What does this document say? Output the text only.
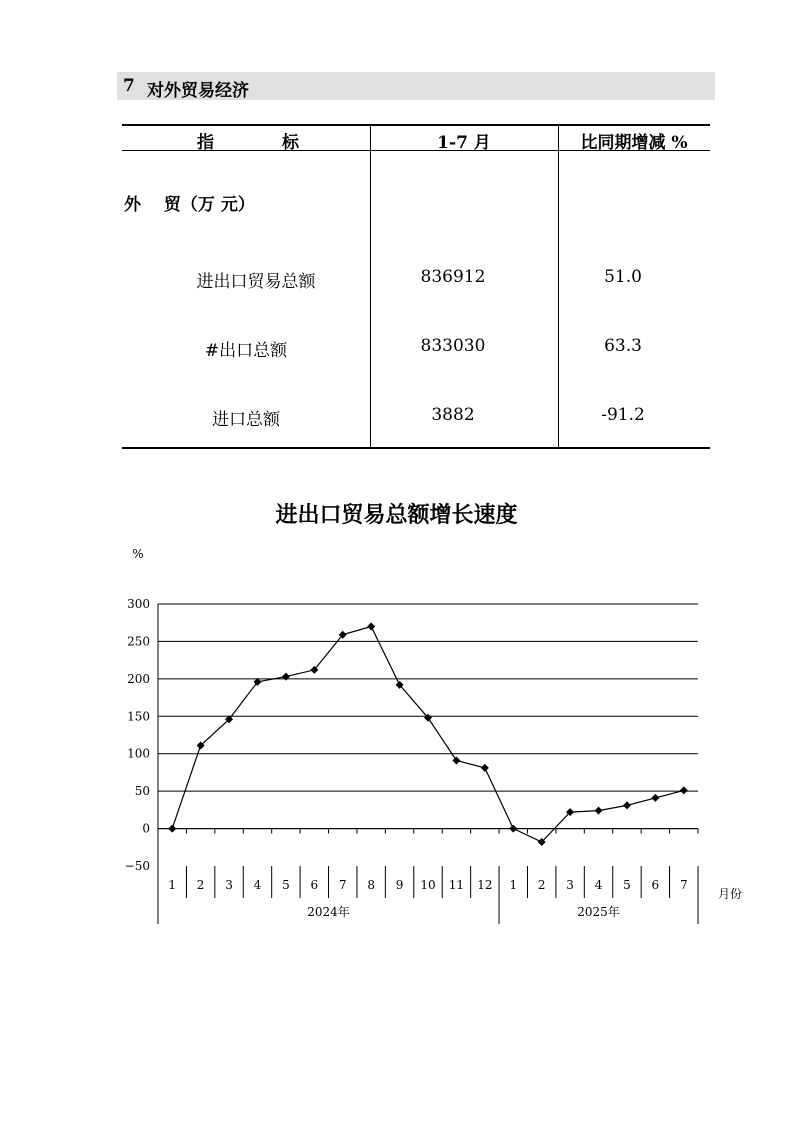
7 对外贸易经济
指　　　　标	1-7 月	比同期增减 %
外　 贸（万 元）
进出口贸易总额	836912	51.0
#出口总额	833030	63.3
进口总额	3882	-91.2
进出口贸易总额增长速度
−50
0
50
100
150
200
250
300
%
1 2 3 4 5 6 7 8 9 10 11 12 1 2 3 4 5 6 7
2024年	2025年
月份
